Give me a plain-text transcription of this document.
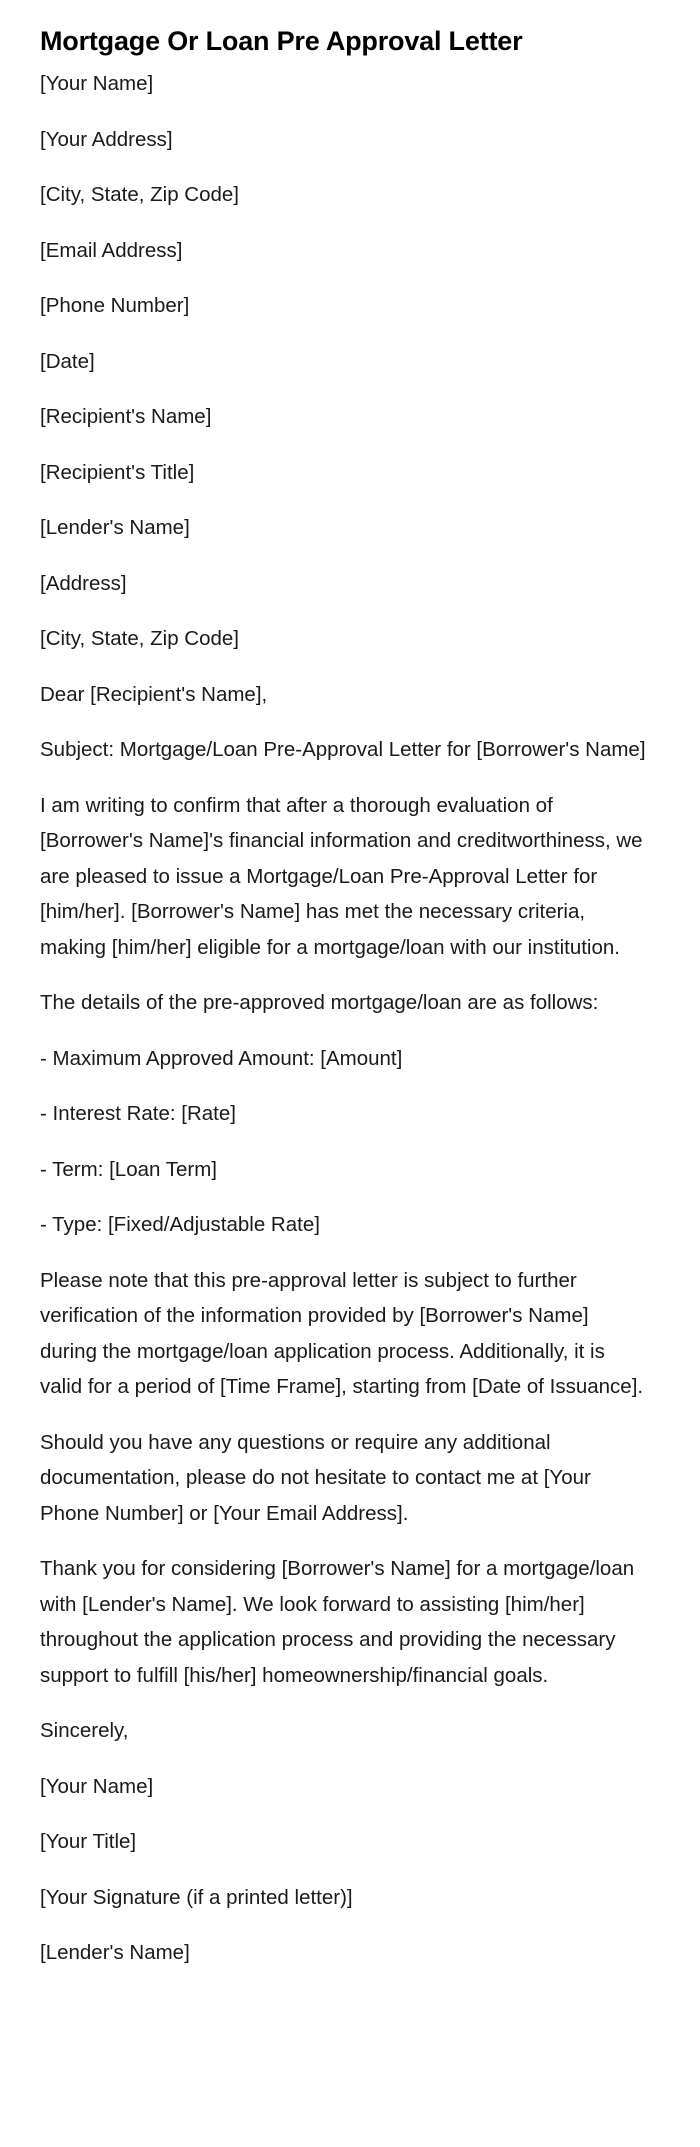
Mortgage Or Loan Pre Approval Letter

[Your Name]

[Your Address]

[City, State, Zip Code]

[Email Address]

[Phone Number]

[Date]

[Recipient's Name]

[Recipient's Title]

[Lender's Name]

[Address]

[City, State, Zip Code]

Dear [Recipient's Name],

Subject: Mortgage/Loan Pre-Approval Letter for [Borrower's Name]

I am writing to confirm that after a thorough evaluation of [Borrower's Name]'s financial information and creditworthiness, we are pleased to issue a Mortgage/Loan Pre-Approval Letter for [him/her]. [Borrower's Name] has met the necessary criteria, making [him/her] eligible for a mortgage/loan with our institution.

The details of the pre-approved mortgage/loan are as follows:

- Maximum Approved Amount: [Amount]

- Interest Rate: [Rate]

- Term: [Loan Term]

- Type: [Fixed/Adjustable Rate]

Please note that this pre-approval letter is subject to further verification of the information provided by [Borrower's Name] during the mortgage/loan application process. Additionally, it is valid for a period of [Time Frame], starting from [Date of Issuance].

Should you have any questions or require any additional documentation, please do not hesitate to contact me at [Your Phone Number] or [Your Email Address].

Thank you for considering [Borrower's Name] for a mortgage/loan with [Lender's Name]. We look forward to assisting [him/her] throughout the application process and providing the necessary support to fulfill [his/her] homeownership/financial goals.

Sincerely,

[Your Name]

[Your Title]

[Your Signature (if a printed letter)]

[Lender's Name]
